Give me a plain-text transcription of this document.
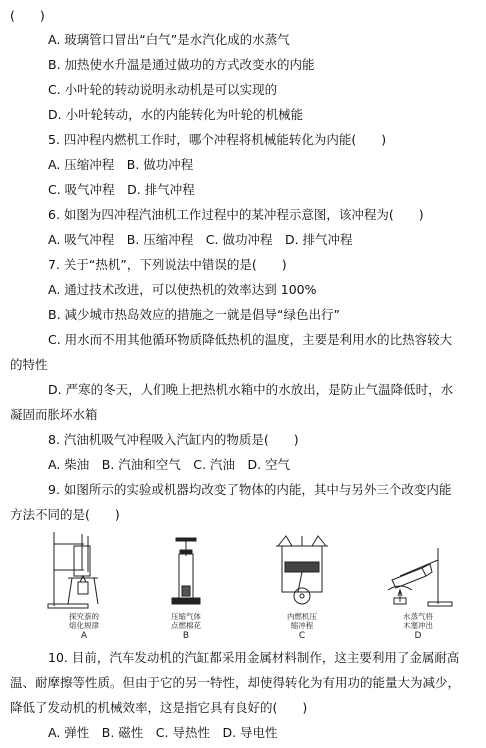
(　　)
A. 玻璃管口冒出“白气”是水汽化成的水蒸气
B. 加热使水升温是通过做功的方式改变水的内能
C. 小叶轮的转动说明永动机是可以实现的
D. 小叶轮转动，水的内能转化为叶轮的机械能
5. 四冲程内燃机工作时，哪个冲程将机械能转化为内能(　　)
A. 压缩冲程　B. 做功冲程
C. 吸气冲程　D. 排气冲程
6. 如图为四冲程汽油机工作过程中的某冲程示意图，该冲程为(　　)
A. 吸气冲程　B. 压缩冲程　C. 做功冲程　D. 排气冲程
7. 关于“热机”，下列说法中错误的是(　　)
A. 通过技术改进，可以使热机的效率达到 100%
B. 减少城市热岛效应的措施之一就是倡导“绿色出行”
C. 用水而不用其他循环物质降低热机的温度，主要是利用水的比热容较大
的特性
D. 严寒的冬天，人们晚上把热机水箱中的水放出，是防止气温降低时，水
凝固而胀坏水箱
8. 汽油机吸气冲程吸入汽缸内的物质是(　　)
A. 柴油　B. 汽油和空气　C. 汽油　D. 空气
9. 如图所示的实验或机器均改变了物体的内能，其中与另外三个改变内能
方法不同的是(　　)
探究萘的
熔化规律
A
压缩气体
点燃棉花
B
内燃机压
缩冲程
C
水蒸气将
木塞冲出
D
10. 目前，汽车发动机的汽缸都采用金属材料制作，这主要利用了金属耐高
温、耐摩擦等性质。但由于它的另一特性，却使得转化为有用功的能量大为减少，
降低了发动机的机械效率，这是指它具有良好的(　　)
A. 弹性　B. 磁性　C. 导热性　D. 导电性
